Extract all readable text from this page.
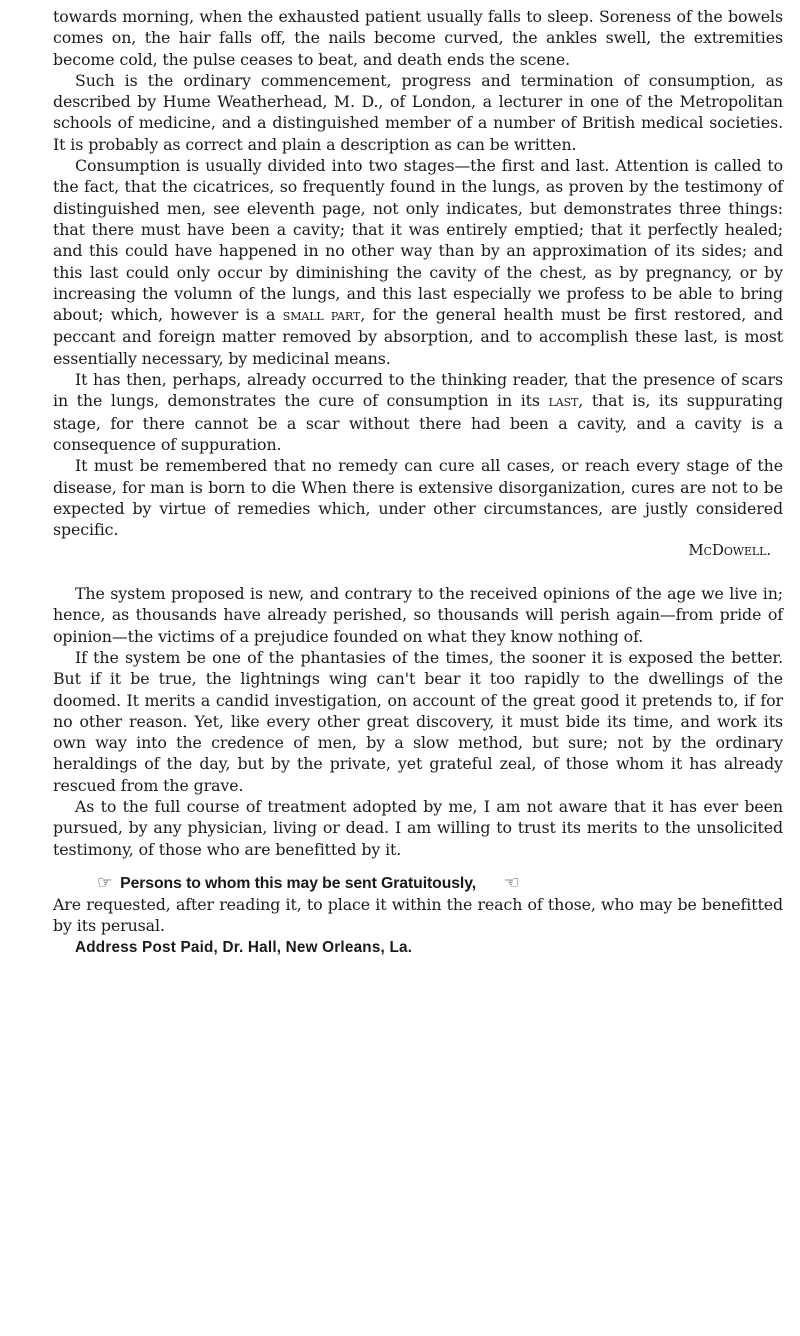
towards morning, when the exhausted patient usually falls to sleep. Soreness of the bowels comes on, the hair falls off, the nails become curved, the ankles swell, the extremities become cold, the pulse ceases to beat, and death ends the scene.

Such is the ordinary commencement, progress and termination of consumption, as described by Hume Weatherhead, M. D., of London, a lecturer in one of the Metropolitan schools of medicine, and a distinguished member of a number of British medical societies. It is probably as correct and plain a description as can be written.

Consumption is usually divided into two stages—the first and last. Attention is called to the fact, that the cicatrices, so frequently found in the lungs, as proven by the testimony of distinguished men, see eleventh page, not only indicates, but demonstrates three things: that there must have been a cavity; that it was entirely emptied; that it perfectly healed; and this could have happened in no other way than by an approximation of its sides; and this last could only occur by diminishing the cavity of the chest, as by pregnancy, or by increasing the volumn of the lungs, and this last especially we profess to be able to bring about; which, however is a small part, for the general health must be first restored, and peccant and foreign matter removed by absorption, and to accomplish these last, is most essentially necessary, by medicinal means.

It has then, perhaps, already occurred to the thinking reader, that the presence of scars in the lungs, demonstrates the cure of consumption in its last, that is, its suppurating stage, for there cannot be a scar without there had been a cavity, and a cavity is a consequence of suppuration.

It must be remembered that no remedy can cure all cases, or reach every stage of the disease, for man is born to die When there is extensive disorganization, cures are not to be expected by virtue of remedies which, under other circumstances, are justly considered specific.

McDowell.

The system proposed is new, and contrary to the received opinions of the age we live in; hence, as thousands have already perished, so thousands will perish again—from pride of opinion—the victims of a prejudice founded on what they know nothing of.

If the system be one of the phantasies of the times, the sooner it is exposed the better. But if it be true, the lightnings wing can't bear it too rapidly to the dwellings of the doomed. It merits a candid investigation, on account of the great good it pretends to, if for no other reason. Yet, like every other great discovery, it must bide its time, and work its own way into the credence of men, by a slow method, but sure; not by the ordinary heraldings of the day, but by the private, yet grateful zeal, of those whom it has already rescued from the grave.

As to the full course of treatment adopted by me, I am not aware that it has ever been pursued, by any physician, living or dead. I am willing to trust its merits to the unsolicited testimony, of those who are benefitted by it.

☞ Persons to whom this may be sent Gratuitously, ☜

Are requested, after reading it, to place it within the reach of those, who may be benefitted by its perusal.

Address Post Paid, Dr. Hall, New Orleans, La.
